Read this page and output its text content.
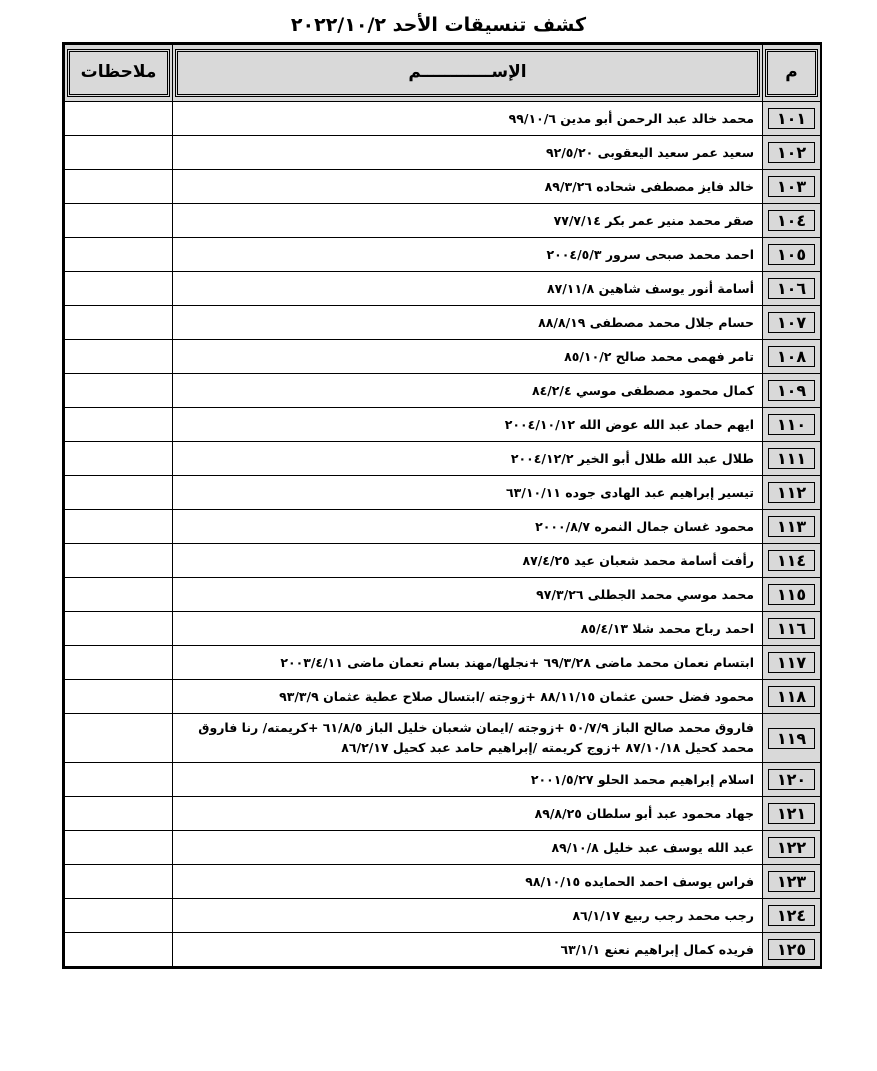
كشف تنسيقات الأحد ٢٠٢٢/١٠/٢
م	الإســــــــــــم	ملاحظات

١٠١	محمد خالد عبد الرحمن أبو مدين ٩٩/١٠/٦	

١٠٢	سعيد عمر سعيد اليعقوبى ٩٢/٥/٢٠	

١٠٣	خالد فايز مصطفى شحاده ٨٩/٣/٢٦	

١٠٤	صقر محمد منير عمر بكر ٧٧/٧/١٤	

١٠٥	احمد محمد صبحى سرور ٢٠٠٤/٥/٣	

١٠٦	أسامة أنور يوسف شاهين ٨٧/١١/٨	

١٠٧	حسام جلال محمد مصطفى ٨٨/٨/١٩	

١٠٨	تامر فهمى محمد صالح ٨٥/١٠/٢	

١٠٩	كمال محمود مصطفى موسي ٨٤/٢/٤	

١١٠	ايهم حماد عبد الله عوض الله ٢٠٠٤/١٠/١٢	

١١١	طلال عبد الله طلال أبو الخير ٢٠٠٤/١٢/٢	

١١٢	تيسير إبراهيم عبد الهادى جوده ٦٣/١٠/١١	

١١٣	محمود غسان جمال النمره ٢٠٠٠/٨/٧	

١١٤	رأفت أسامة محمد شعبان عيد ٨٧/٤/٢٥	

١١٥	محمد موسي محمد الجطلى ٩٧/٣/٢٦	

١١٦	احمد رباح محمد شلا ٨٥/٤/١٣	

١١٧	ابتسام نعمان محمد ماضى ٦٩/٣/٢٨ +نجلها/مهند بسام نعمان ماضى ٢٠٠٣/٤/١١	

١١٨	محمود فضل حسن عثمان ٨٨/١١/١٥ +زوجته /ابتسال صلاح عطية عثمان ٩٣/٣/٩	

١١٩	فاروق محمد صالح الباز ٥٠/٧/٩ +زوجته /ايمان شعبان خليل الباز ٦١/٨/٥ +كريمته/ رنا فاروق محمد كحيل ٨٧/١٠/١٨ +زوج كريمته /إبراهيم حامد عبد كحيل ٨٦/٢/١٧	

١٢٠	اسلام إبراهيم محمد الحلو ٢٠٠١/٥/٢٧	

١٢١	جهاد محمود عبد أبو سلطان ٨٩/٨/٢٥	

١٢٢	عبد الله يوسف عبد خليل ٨٩/١٠/٨	

١٢٣	فراس يوسف احمد الحمايده ٩٨/١٠/١٥	

١٢٤	رجب محمد رجب ربيع ٨٦/١/١٧	

١٢٥	فريده كمال إبراهيم نعنع ٦٣/١/١	
